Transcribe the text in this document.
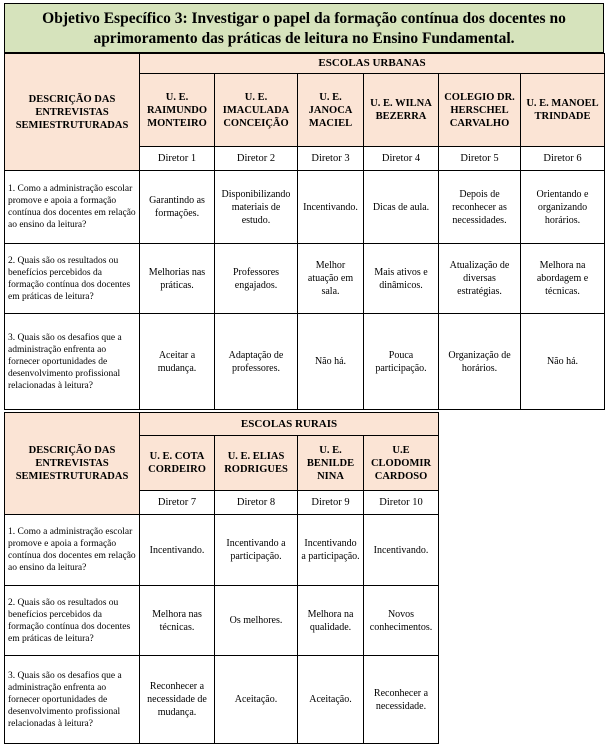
Objetivo Específico 3: Investigar o papel da formação contínua dos docentes no
aprimoramento das práticas de leitura no Ensino Fundamental.
DESCRIÇÃO DAS ENTREVISTAS SEMIESTRUTURADAS	ESCOLAS URBANAS					
	U. E. RAIMUNDO MONTEIRO	U. E. IMACULADA CONCEIÇÃO	U. E. JANOCA MACIEL	U. E. WILNA BEZERRA	COLEGIO DR. HERSCHEL CARVALHO	U. E. MANOEL TRINDADE
	Diretor 1	Diretor 2	Diretor 3	Diretor 4	Diretor 5	Diretor 6
1. Como a administração escolar promove e apoia a formação contínua dos docentes em relação ao ensino da leitura?	Garantindo as formações.	Disponibilizando materiais de estudo.	Incentivando.	Dicas de aula.	Depois de reconhecer as necessidades.	Orientando e organizando horários.
2. Quais são os resultados ou benefícios percebidos da formação contínua dos docentes em práticas de leitura?	Melhorias nas práticas.	Professores engajados.	Melhor atuação em sala.	Mais ativos e dinâmicos.	Atualização de diversas estratégias.	Melhora na abordagem e técnicas.
3. Quais são os desafios que a administração enfrenta ao fornecer oportunidades de desenvolvimento profissional relacionadas à leitura?	Aceitar a mudança.	Adaptação de professores.	Não há.	Pouca participação.	Organização de horários.	Não há.
DESCRIÇÃO DAS ENTREVISTAS SEMIESTRUTURADAS	ESCOLAS RURAIS			
	U. E. COTA CORDEIRO	U. E. ELIAS RODRIGUES	U. E. BENILDE NINA	U.E CLODOMIR CARDOSO
	Diretor 7	Diretor 8	Diretor 9	Diretor 10
1. Como a administração escolar promove e apoia a formação contínua dos docentes em relação ao ensino da leitura?	Incentivando.	Incentivando a participação.	Incentivando a participação.	Incentivando.
2. Quais são os resultados ou benefícios percebidos da formação contínua dos docentes em práticas de leitura?	Melhora nas técnicas.	Os melhores.	Melhora na qualidade.	Novos conhecimentos.
3. Quais são os desafios que a administração enfrenta ao fornecer oportunidades de desenvolvimento profissional relacionadas à leitura?	Reconhecer a necessidade de mudança.	Aceitação.	Aceitação.	Reconhecer a necessidade.
